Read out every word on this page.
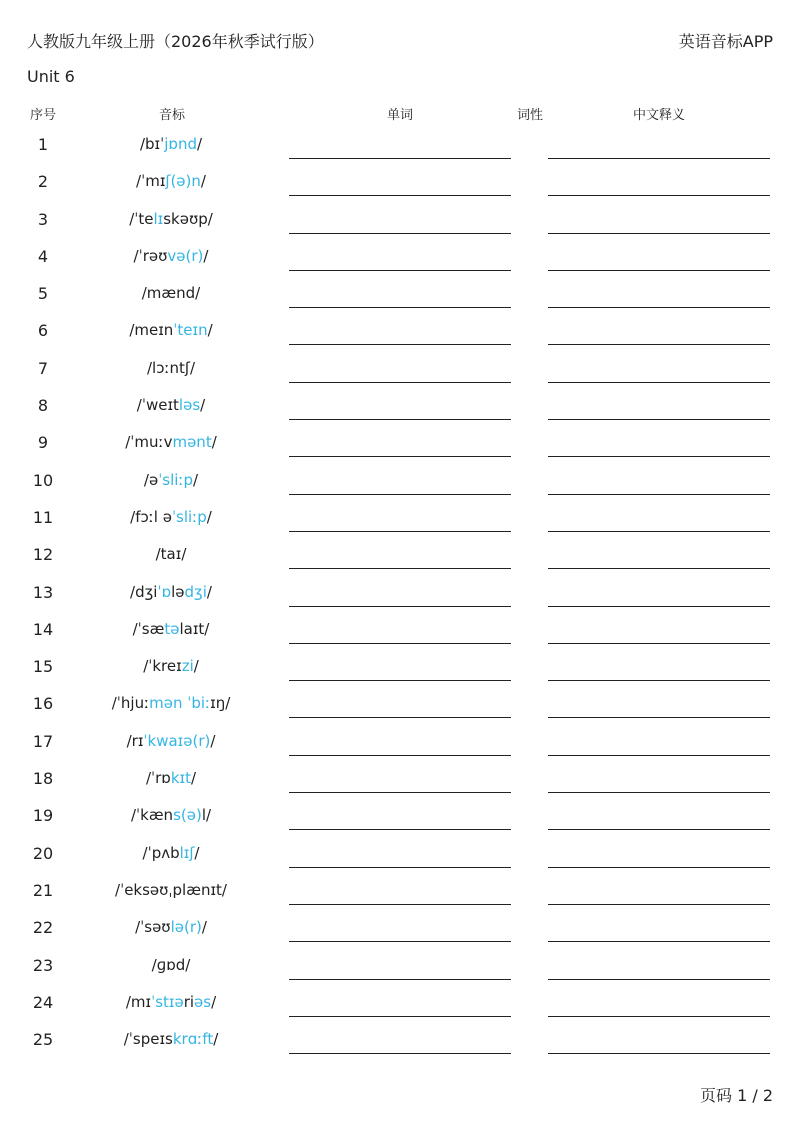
人教版九年级上册（2026年秋季试行版）	英语音标APP
Unit 6
序号	音标	单词	词性	中文释义
1	/bɪˈjɒnd/
2	/ˈmɪʃ(ə)n/
3	/ˈtelɪskəʊp/
4	/ˈrəʊvə(r)/
5	/mænd/
6	/meɪnˈteɪn/
7	/lɔːntʃ/
8	/ˈweɪtləs/
9	/ˈmuːvmənt/
10	/əˈsliːp/
11	/fɔːl əˈsliːp/
12	/taɪ/
13	/dʒiˈɒlədʒi/
14	/ˈsætəlaɪt/
15	/ˈkreɪzi/
16	/ˈhjuːmən ˈbiːɪŋ/
17	/rɪˈkwaɪə(r)/
18	/ˈrɒkɪt/
19	/ˈkæns(ə)l/
20	/ˈpʌblɪʃ/
21	/ˈeksəʊˌplænɪt/
22	/ˈsəʊlə(r)/
23	/ɡɒd/
24	/mɪˈstɪəriəs/
25	/ˈspeɪskrɑːft/
页码 1 / 2
